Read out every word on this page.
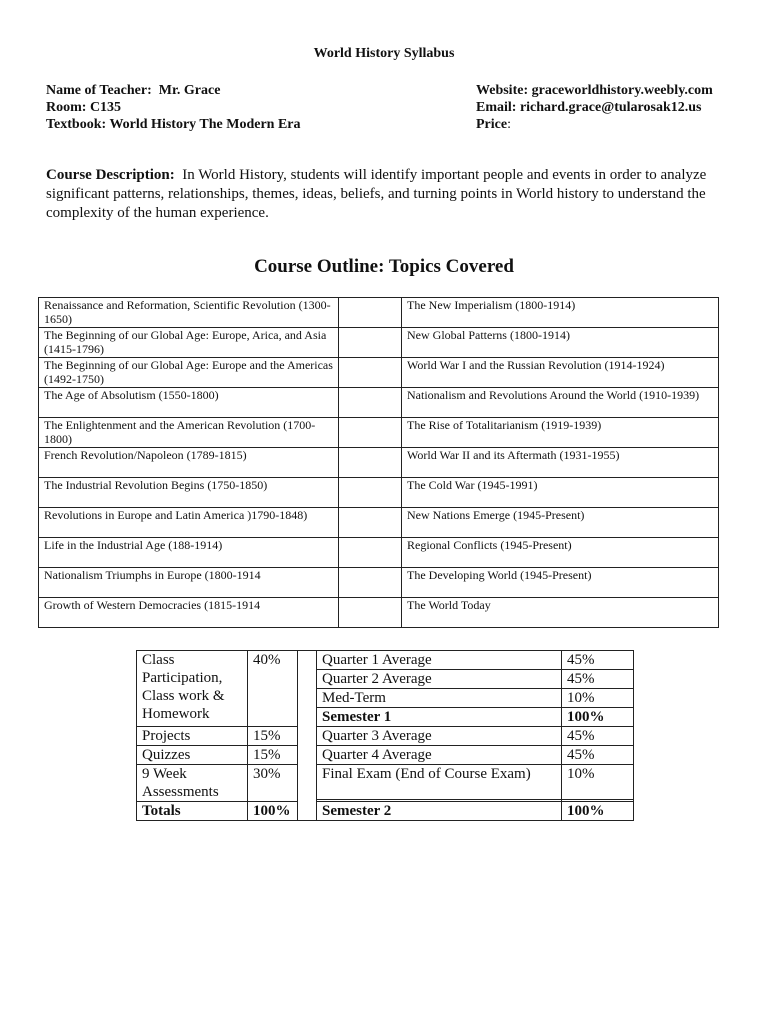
World History Syllabus
Name of Teacher: Mr. Grace
Room: C135
Textbook: World History The Modern Era
Website: graceworldhistory.weebly.com
Email: richard.grace@tularosak12.us
Price:
Course Description: In World History, students will identify important people and events in order to analyze significant patterns, relationships, themes, ideas, beliefs, and turning points in World history to understand the complexity of the human experience.
Course Outline: Topics Covered
Renaissance and Reformation, Scientific Revolution (1300-1650)		The New Imperialism (1800-1914)
The Beginning of our Global Age: Europe, Arica, and Asia (1415-1796)		New Global Patterns (1800-1914)
The Beginning of our Global Age: Europe and the Americas (1492-1750)		World War I and the Russian Revolution (1914-1924)
The Age of Absolutism (1550-1800)		Nationalism and Revolutions Around the World (1910-1939)
The Enlightenment and the American Revolution (1700-1800)		The Rise of Totalitarianism (1919-1939)
French Revolution/Napoleon (1789-1815)		World War II and its Aftermath (1931-1955)
The Industrial Revolution Begins (1750-1850)		The Cold War (1945-1991)
Revolutions in Europe and Latin America )1790-1848)		New Nations Emerge (1945-Present)
Life in the Industrial Age (188-1914)		Regional Conflicts (1945-Present)
Nationalism Triumphs in Europe (1800-1914		The Developing World (1945-Present)
Growth of Western Democracies (1815-1914		The World Today
Class
Participation,
Class work &
Homework	40%		Quarter 1 Average	45%
			Quarter 2 Average	45%
			Med-Term	10%
			Semester 1	100%
Projects	15%		Quarter 3 Average	45%
Quizzes	15%		Quarter 4 Average	45%

9 Week
Assessments	30%		Final Exam (End of Course Exam)	10%

Totals	100%		Semester 2	100%
